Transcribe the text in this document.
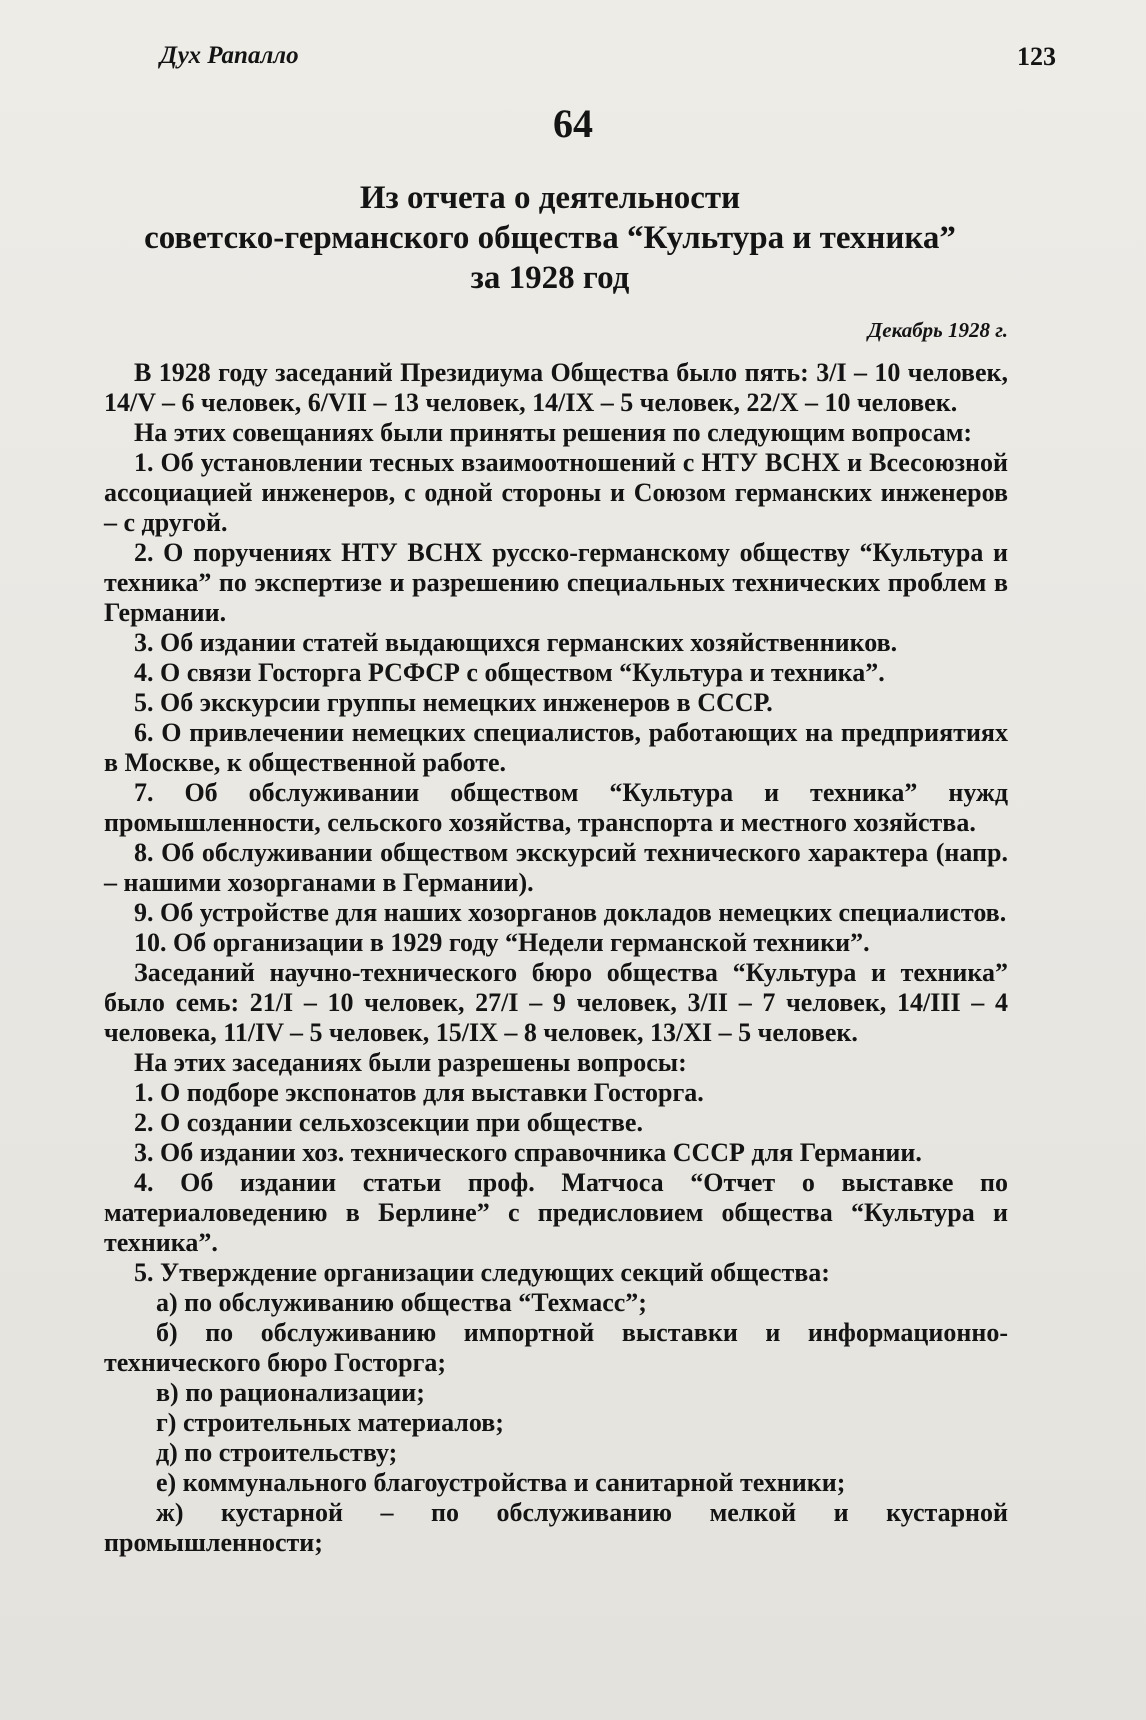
Дух Рапалло	123
64
Из отчета о деятельности
советско-германского общества “Культура и техника”
за 1928 год
Декабрь 1928 г.

В 1928 году заседаний Президиума Общества было пять: 3/I – 10 человек, 14/V – 6 человек, 6/VII – 13 человек, 14/IX – 5 человек, 22/X – 10 человек.

На этих совещаниях были приняты решения по следующим вопросам:

1. Об установлении тесных взаимоотношений с НТУ ВСНХ и Всесоюзной ассоциацией инженеров, с одной стороны и Союзом германских инженеров – с другой.

2. О поручениях НТУ ВСНХ русско-германскому обществу “Культура и техника” по экспертизе и разрешению специальных технических проблем в Германии.

3. Об издании статей выдающихся германских хозяйственников.

4. О связи Госторга РСФСР с обществом “Культура и техника”.

5. Об экскурсии группы немецких инженеров в СССР.

6. О привлечении немецких специалистов, работающих на предприятиях в Москве, к общественной работе.

7. Об обслуживании обществом “Культура и техника” нужд промышленности, сельского хозяйства, транспорта и местного хозяйства.

8. Об обслуживании обществом экскурсий технического характера (напр. – нашими хозорганами в Германии).

9. Об устройстве для наших хозорганов докладов немецких специалистов.

10. Об организации в 1929 году “Недели германской техники”.

Заседаний научно-технического бюро общества “Культура и техника” было семь: 21/I – 10 человек, 27/I – 9 человек, 3/II – 7 человек, 14/III – 4 человека, 11/IV – 5 человек, 15/IX – 8 человек, 13/XI – 5 человек.

На этих заседаниях были разрешены вопросы:

1. О подборе экспонатов для выставки Госторга.

2. О создании сельхозсекции при обществе.

3. Об издании хоз. технического справочника СССР для Германии.

4. Об издании статьи проф. Матчоса “Отчет о выставке по материаловедению в Берлине” с предисловием общества “Культура и техника”.

5. Утверждение организации следующих секций общества:

а) по обслуживанию общества “Техмасс”;

б) по обслуживанию импортной выставки и информационно-технического бюро Госторга;

в) по рационализации;

г) строительных материалов;

д) по строительству;

е) коммунального благоустройства и санитарной техники;

ж) кустарной – по обслуживанию мелкой и кустарной промышленности;
